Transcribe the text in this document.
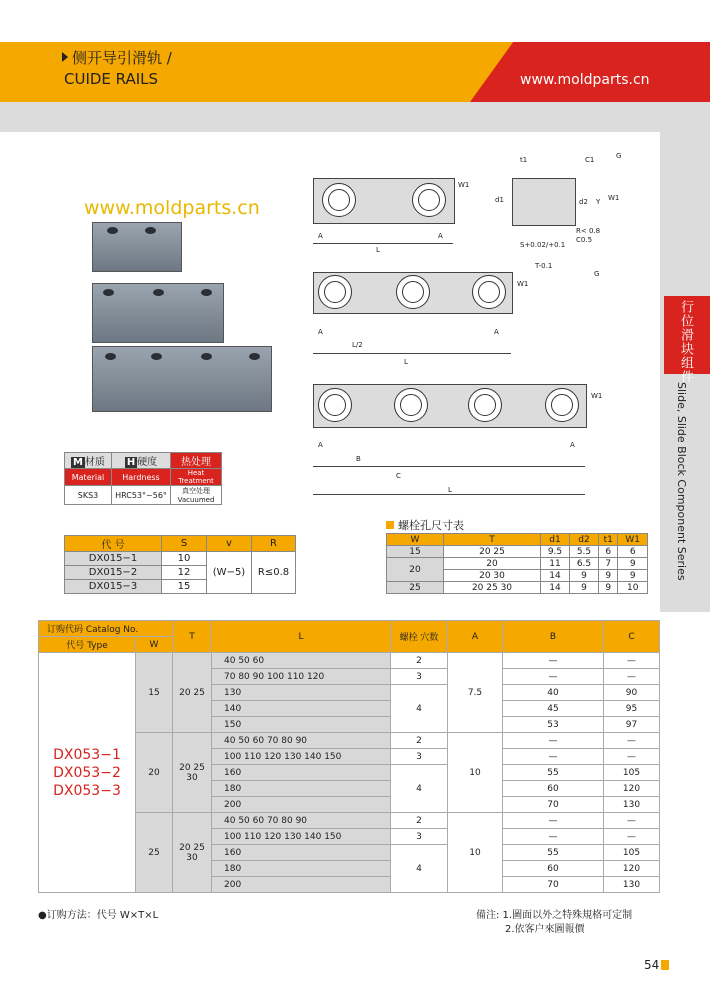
侧开导引滑轨 /
CUIDE RAILS	www.moldparts.cn
行位滑块组件
Slide, Slide Block Component Series
www.moldparts.cn
W1
A	A
L
W1
A	A
L/2
L
W1
A	A
B
C
L
t1	C1	G
d1	d2 Y W1
R< 0.8
C0.5
S+0.02/+0.1
T-0.1
G
M 材质	H 硬度	热处理
Material	Hardness	Heat Treatment
SKS3	HRC53°~56°	真空处理 Vacuumed
代 号	S	v	R
DX015−1	10	(W−5)	R≤0.8
DX015−2	12		
DX015−3	15		
螺栓孔尺寸表
W	T	d1	d2	t1	W1
15	20 25	9.5	5.5	6	6
20	20	11	6.5	7	9
	20 30	14	9	9	9
25	20 25 30	14	9	9	10
订购代码 Catalog No.		T	L	螺栓 穴数	A	B	C
代号 Type	W						

DX053−1
DX053−2
DX053−3	15	20 25	40 50 60	2	7.5	—	—
			70 80 90 100 110 120	3		—	—
			130	4		40	90
			140			45	95
			150			53	97
	20	20 25 30	40 50 60 70 80 90	2	10	—	—
			100 110 120 130 140 150	3		—	—
			160	4		55	105
			180			60	120
			200			70	130
	25	20 25 30	40 50 60 70 80 90	2	10	—	—
			100 110 120 130 140 150	3		—	—
			160	4		55	105
			180			60	120
			200			70	130
●订购方法：代号 W×T×L	備注: 1.圖面以外之特殊規格可定制
2.依客户來圖報價
54
